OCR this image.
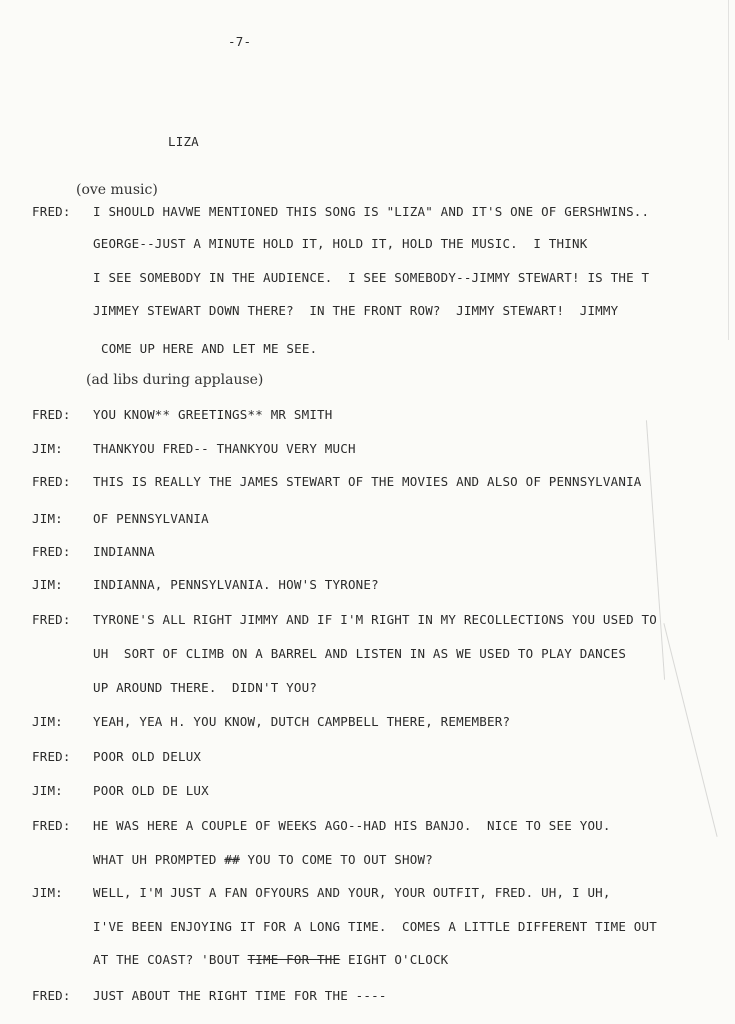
-7-
LIZA
(ove music)
FRED: I SHOULD HAVWE MENTIONED THIS SONG IS "LIZA" AND IT'S ONE OF GERSHWINS..
GEORGE--JUST A MINUTE HOLD IT, HOLD IT, HOLD THE MUSIC.  I THINK
I SEE SOMEBODY IN THE AUDIENCE.  I SEE SOMEBODY--JIMMY STEWART! IS THE T
JIMMEY STEWART DOWN THERE?  IN THE FRONT ROW?  JIMMY STEWART!  JIMMY
COME UP HERE AND LET ME SEE.
(ad libs during applause)
FRED: YOU KNOW** GREETINGS** MR SMITH
JIM: THANKYOU FRED-- THANKYOU VERY MUCH
FRED: THIS IS REALLY THE JAMES STEWART OF THE MOVIES AND ALSO OF PENNSYLVANIA
JIM: OF PENNSYLVANIA
FRED: INDIANNA
JIM: INDIANNA, PENNSYLVANIA. HOW'S TYRONE?
FRED: TYRONE'S ALL RIGHT JIMMY AND IF I'M RIGHT IN MY RECOLLECTIONS YOU USED TO
UH  SORT OF CLIMB ON A BARREL AND LISTEN IN AS WE USED TO PLAY DANCES
UP AROUND THERE.  DIDN'T YOU?
JIM: YEAH, YEA H. YOU KNOW, DUTCH CAMPBELL THERE, REMEMBER?
FRED: POOR OLD DELUX
JIM: POOR OLD DE LUX
FRED: HE WAS HERE A COUPLE OF WEEKS AGO--HAD HIS BANJO.  NICE TO SEE YOU.
WHAT UH PROMPTED ## YOU TO COME TO OUT SHOW?
JIM: WELL, I'M JUST A FAN OFYOURS AND YOUR, YOUR OUTFIT, FRED. UH, I UH,
I'VE BEEN ENJOYING IT FOR A LONG TIME.  COMES A LITTLE DIFFERENT TIME OUT
AT THE COAST? 'BOUT TIME FOR THE EIGHT O'CLOCK
FRED: JUST ABOUT THE RIGHT TIME FOR THE ----
